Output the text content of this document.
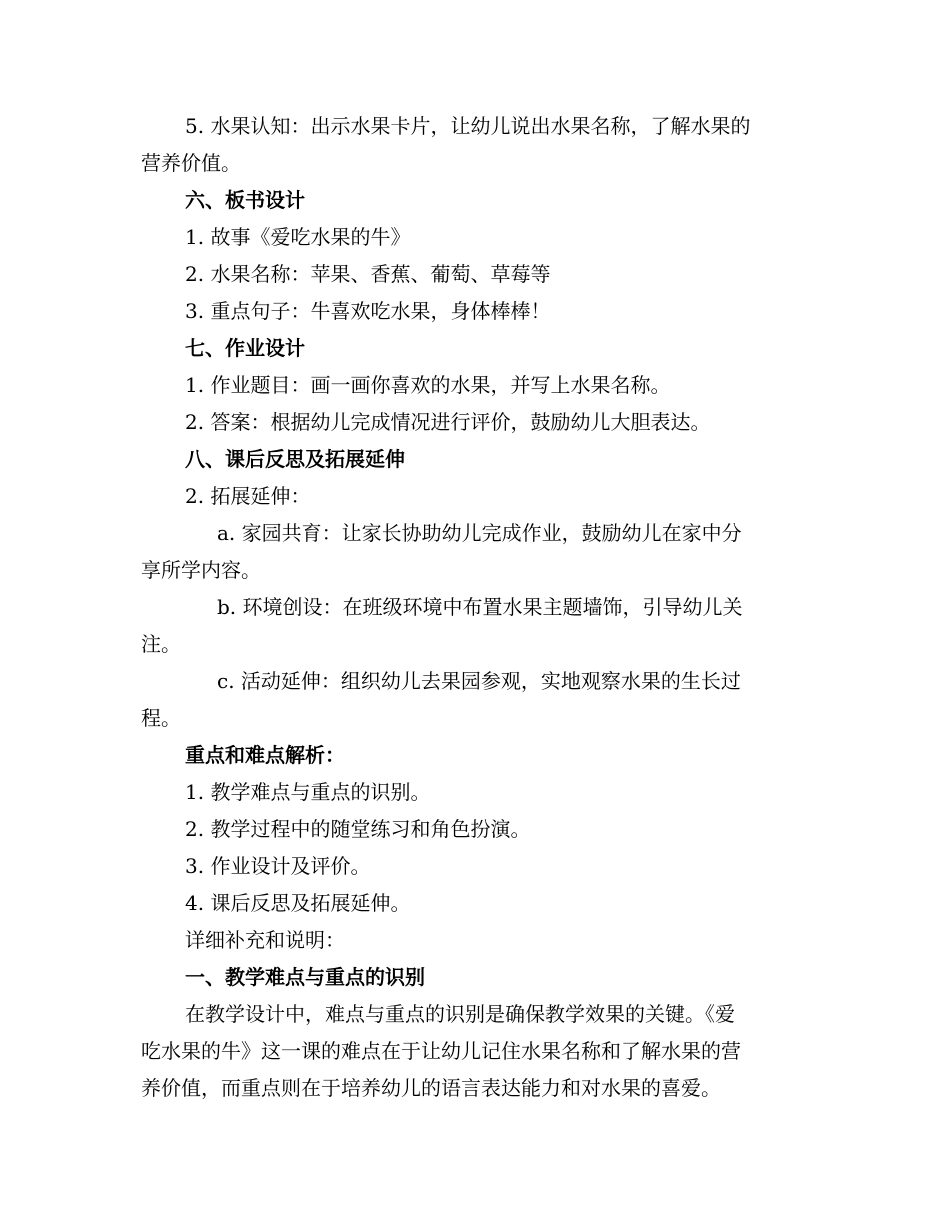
5. 水果认知：出示水果卡片，让幼儿说出水果名称，了解水果的
营养价值。
六、板书设计
1. 故事《爱吃水果的牛》
2. 水果名称：苹果、香蕉、葡萄、草莓等
3. 重点句子：牛喜欢吃水果，身体棒棒！
七、作业设计
1. 作业题目：画一画你喜欢的水果，并写上水果名称。
2. 答案：根据幼儿完成情况进行评价，鼓励幼儿大胆表达。
八、课后反思及拓展延伸
2. 拓展延伸：
a. 家园共育：让家长协助幼儿完成作业，鼓励幼儿在家中分
享所学内容。
b. 环境创设：在班级环境中布置水果主题墙饰，引导幼儿关
注。
c. 活动延伸：组织幼儿去果园参观，实地观察水果的生长过
程。
重点和难点解析：
1. 教学难点与重点的识别。
2. 教学过程中的随堂练习和角色扮演。
3. 作业设计及评价。
4. 课后反思及拓展延伸。
详细补充和说明：
一、教学难点与重点的识别
在教学设计中，难点与重点的识别是确保教学效果的关键。《爱
吃水果的牛》这一课的难点在于让幼儿记住水果名称和了解水果的营
养价值，而重点则在于培养幼儿的语言表达能力和对水果的喜爱。
